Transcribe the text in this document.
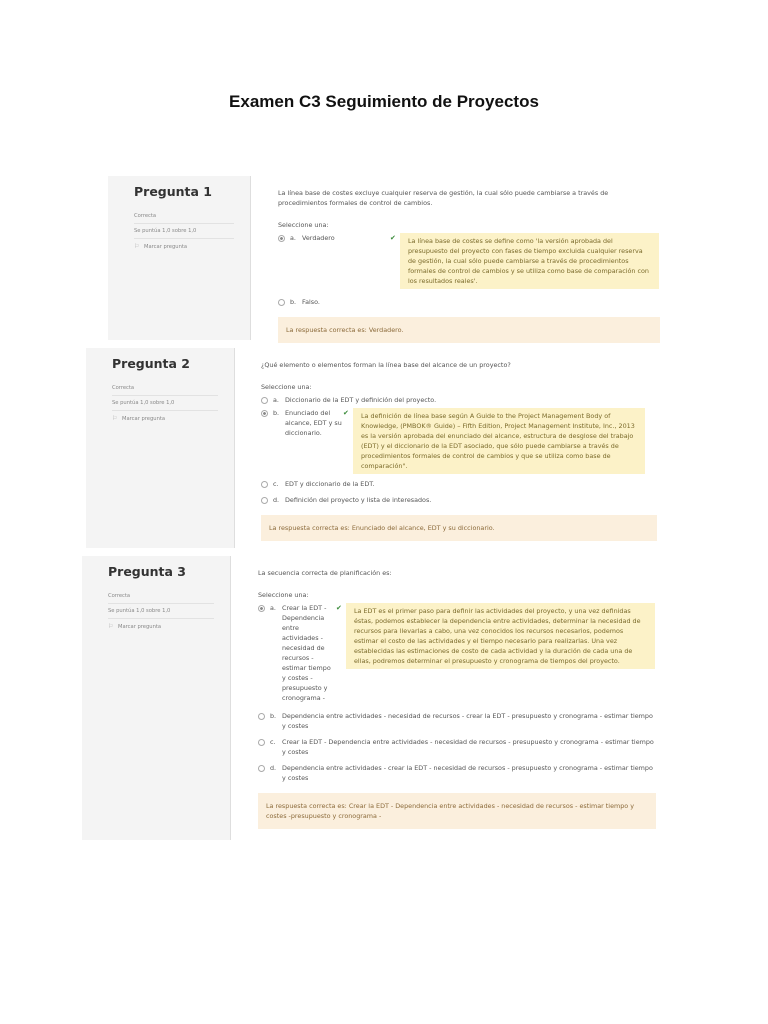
Examen C3 Seguimiento de Proyectos
Pregunta 1
Correcta
Se puntúa 1,0 sobre 1,0
⚐ Marcar pregunta
La línea base de costes excluye cualquier reserva de gestión, la cual sólo puede cambiarse a través de procedimientos formales de control de cambios.
Seleccione una:
a. Verdadero	✔	La línea base de costes se define como 'la versión aprobada del presupuesto del proyecto con fases de tiempo excluida cualquier reserva de gestión, la cual sólo puede cambiarse a través de procedimientos formales de control de cambios y se utiliza como base de comparación con los resultados reales'.
b. Falso.
La respuesta correcta es: Verdadero.
Pregunta 2
Correcta
Se puntúa 1,0 sobre 1,0
⚐ Marcar pregunta
¿Qué elemento o elementos forman la línea base del alcance de un proyecto?
Seleccione una:
a. Diccionario de la EDT y definición del proyecto.
b. Enunciado del alcance, EDT y su diccionario.
✔	La definición de línea base según A Guide to the Project Management Body of Knowledge, (PMBOK® Guide) – Fifth Edition, Project Management Institute, Inc., 2013 es la versión aprobada del enunciado del alcance, estructura de desglose del trabajo (EDT) y el diccionario de la EDT asociado, que sólo puede cambiarse a través de procedimientos formales de control de cambios y que se utiliza como base de comparación".
c.	EDT y diccionario de la EDT.
d. Definición del proyecto y lista de interesados.
La respuesta correcta es: Enunciado del alcance, EDT y su diccionario.
Pregunta 3
Correcta
Se puntúa 1,0 sobre 1,0
⚐ Marcar pregunta
La secuencia correcta de planificación es:
Seleccione una:
a. Crear la EDT - Dependencia entre actividades - necesidad de recursos - estimar tiempo y costes - presupuesto y cronograma -
✔	La EDT es el primer paso para definir las actividades del proyecto, y una vez definidas éstas, podemos establecer la dependencia entre actividades, determinar la necesidad de recursos para llevarlas a cabo, una vez conocidos los recursos necesarios, podemos estimar el costo de las actividades y el tiempo necesario para realizarlas. Una vez establecidas las estimaciones de costo de cada actividad y la duración de cada una de ellas, podremos determinar el presupuesto y cronograma de tiempos del proyecto.
b. Dependencia entre actividades - necesidad de recursos - crear la EDT - presupuesto y cronograma - estimar tiempo y costes
c.	Crear la EDT - Dependencia entre actividades - necesidad de recursos - presupuesto y cronograma - estimar tiempo y costes
d. Dependencia entre actividades - crear la EDT - necesidad de recursos - presupuesto y cronograma - estimar tiempo y costes
La respuesta correcta es: Crear la EDT - Dependencia entre actividades - necesidad de recursos - estimar tiempo y costes -presupuesto y cronograma -
